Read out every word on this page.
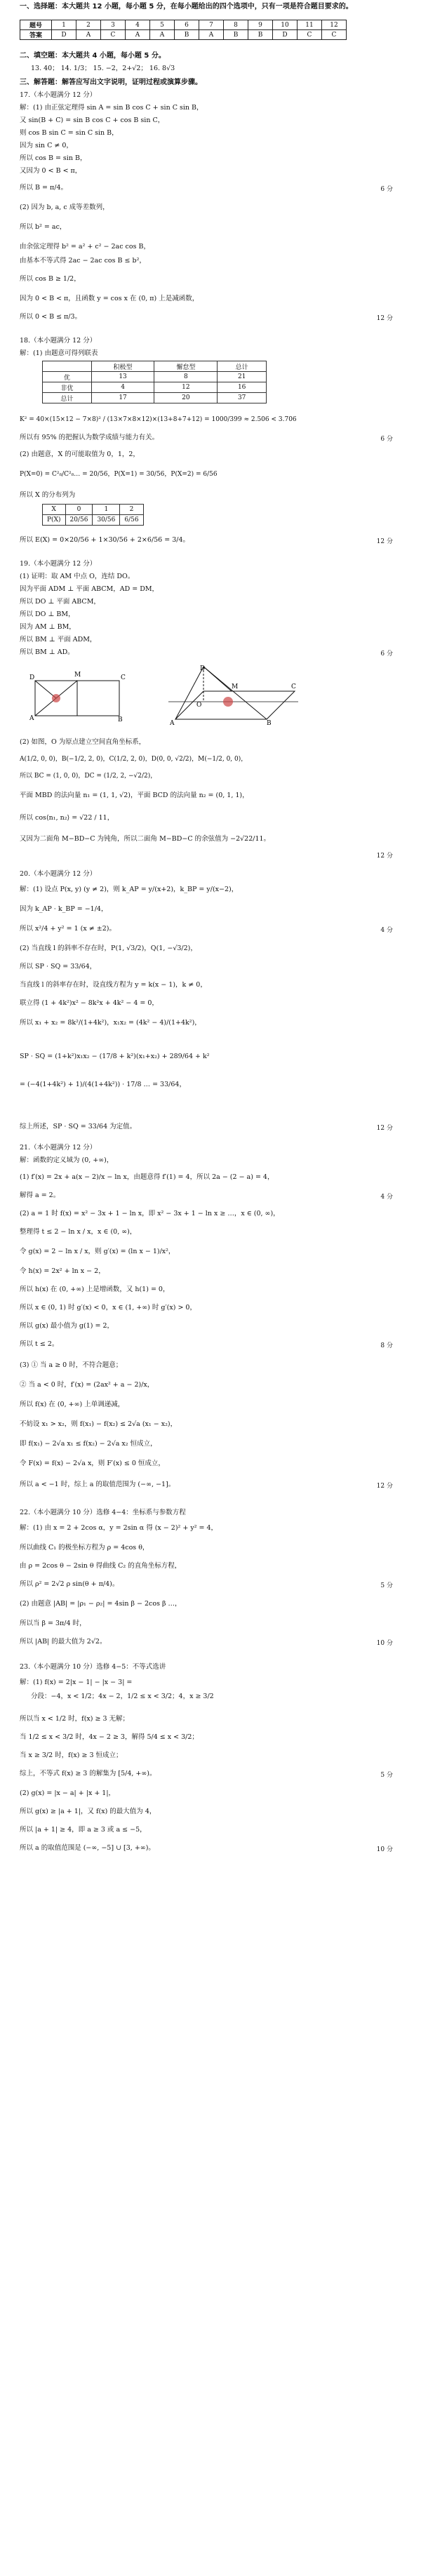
一、选择题：本大题共 12 小题，每小题 5 分，在每小题给出的四个选项中，只有一项是符合题目要求的。
题号	1	2	3	4	5	6	7	8	9	10	11	12
答案	D	A	C	A	A	B	A	B	B	D	C	C
二、填空题：本大题共 4 小题，每小题 5 分。
13. 40； 14. 1/3； 15. −2，2+√2； 16. 8√3
三、解答题：解答应写出文字说明，证明过程或演算步骤。
17.（本小题满分 12 分）
解：(1) 由正弦定理得 sin A = sin B cos C + sin C sin B，
又 sin(B + C) = sin B cos C + cos B sin C，
则 cos B sin C = sin C sin B，
因为 sin C ≠ 0，
所以 cos B = sin B，
又因为 0 < B < π，
所以 B = π/4。	6 分
(2) 因为 b, a, c 成等差数列，
所以 b² = ac，
由余弦定理得 b² = a² + c² − 2ac cos B，
由基本不等式得 2ac − 2ac cos B ≤ b²，
所以 cos B ≥ 1/2，
因为 0 < B < π，且函数 y = cos x 在 (0, π) 上是减函数，
所以 0 < B ≤ π/3。	12 分
18.（本小题满分 12 分）
解：(1) 由题意可得列联表
	积极型	懈怠型	总计
优	13	8	21
非优	4	12	16
总计	17	20	37
K² = 40×(15×12 − 7×8)² / (13×7×8×12)×(13+8+7+12) = 1000/399 ≈ 2.506 < 3.706
所以有 95% 的把握认为数学成绩与能力有关。	6 分
(2) 由题意，X 的可能取值为 0，1，2，
P(X=0) = C²₈/C²₈… = 20/56，P(X=1) = 30/56，P(X=2) = 6/56
所以 X 的分布列为
X	0	1	2
P(X)	20/56	30/56	6/56
所以 E(X) = 0×20/56 + 1×30/56 + 2×6/56 = 3/4。	12 分
19.（本小题满分 12 分）
(1) 证明：取 AM 中点 O，连结 DO。
因为平面 ADM ⊥ 平面 ABCM，AD = DM，
所以 DO ⊥ 平面 ABCM，
所以 DO ⊥ BM，
因为 AM ⊥ BM，
所以 BM ⊥ 平面 ADM，
所以 BM ⊥ AD。	6 分
A	B
C
M
D
D
A	B
C
M
O
(2) 如图，O 为原点建立空间直角坐标系，
A(1/2, 0, 0)，B(−1/2, 2, 0)，C(1/2, 2, 0)，D(0, 0, √2/2)，M(−1/2, 0, 0)，
所以 BC = (1, 0, 0)，DC = (1/2, 2, −√2/2)，
平面 MBD 的法向量 n₁ = (1, 1, √2)，平面 BCD 的法向量 n₂ = (0, 1, 1)，
所以 cos⟨n₁, n₂⟩ = √22 / 11，
又因为二面角 M−BD−C 为钝角，所以二面角 M−BD−C 的余弦值为 −2√22/11。
12 分
20.（本小题满分 12 分）
解：(1) 设点 P(x, y) (y ≠ 2)，则 k_AP = y/(x+2)，k_BP = y/(x−2)，
因为 k_AP · k_BP = −1/4，
所以 x²/4 + y² = 1 (x ≠ ±2)。	4 分
(2) 当直线 l 的斜率不存在时，P(1, √3/2)，Q(1, −√3/2)，
所以 SP · SQ = 33/64，
当直线 l 的斜率存在时，设直线方程为 y = k(x − 1)，k ≠ 0，
联立得 (1 + 4k²)x² − 8k²x + 4k² − 4 = 0，
所以 x₁ + x₂ = 8k²/(1+4k²)，x₁x₂ = (4k² − 4)/(1+4k²)，
SP · SQ = (1+k²)x₁x₂ − (17/8 + k²)(x₁+x₂) + 289/64 + k²
= (−4(1+4k²) + 1)/(4(1+4k²)) · 17/8 … = 33/64，
综上所述，SP · SQ = 33/64 为定值。	12 分
21.（本小题满分 12 分）
解：函数的定义域为 (0, +∞)，
(1) f′(x) = 2x + a(x − 2)/x − ln x，由题意得 f′(1) = 4，所以 2a − (2 − a) = 4，
解得 a = 2。	4 分
(2) a = 1 时 f(x) = x² − 3x + 1 − ln x，即 x² − 3x + 1 − ln x ≥ …，x ∈ (0, ∞)，
整理得 t ≤ 2 − ln x / x，x ∈ (0, ∞)，
令 g(x) = 2 − ln x / x，则 g′(x) = (ln x − 1)/x²，
令 h(x) = 2x² + ln x − 2，
所以 h(x) 在 (0, +∞) 上是增函数，又 h(1) = 0，
所以 x ∈ (0, 1) 时 g′(x) < 0，x ∈ (1, +∞) 时 g′(x) > 0，
所以 g(x) 最小值为 g(1) = 2，
所以 t ≤ 2。	8 分
(3) ① 当 a ≥ 0 时，不符合题意；
② 当 a < 0 时，f′(x) = (2ax² + a − 2)/x，
所以 f(x) 在 (0, +∞) 上单调递减，
不妨设 x₁ > x₂，则 f(x₁) − f(x₂) ≤ 2√a (x₁ − x₂)，
即 f(x₁) − 2√a x₁ ≤ f(x₂) − 2√a x₂ 恒成立，
令 F(x) = f(x) − 2√a x，则 F′(x) ≤ 0 恒成立，
所以 a < −1 时，综上 a 的取值范围为 (−∞, −1]。	12 分
22.（本小题满分 10 分）选修 4−4：坐标系与参数方程
解：(1) 由 x = 2 + 2cos α，y = 2sin α 得 (x − 2)² + y² = 4，
所以曲线 C₁ 的极坐标方程为 ρ = 4cos θ，
由 ρ = 2cos θ − 2sin θ 得曲线 C₂ 的直角坐标方程，
所以 ρ² = 2√2 ρ sin(θ + π/4)。	5 分
(2) 由题意 |AB| = |ρ₁ − ρ₂| = 4sin β − 2cos β …，
所以当 β = 3π/4 时，
所以 |AB| 的最大值为 2√2。	10 分
23.（本小题满分 10 分）选修 4−5：不等式选讲
解：(1) f(x) = 2|x − 1| − |x − 3| =
分段：−4，x < 1/2；4x − 2，1/2 ≤ x < 3/2；4，x ≥ 3/2
所以当 x < 1/2 时，f(x) ≥ 3 无解；
当 1/2 ≤ x < 3/2 时，4x − 2 ≥ 3，解得 5/4 ≤ x < 3/2；
当 x ≥ 3/2 时，f(x) ≥ 3 恒成立；
综上，不等式 f(x) ≥ 3 的解集为 [5/4, +∞)。	5 分
(2) g(x) = |x − a| + |x + 1|，
所以 g(x) ≥ |a + 1|，又 f(x) 的最大值为 4，
所以 |a + 1| ≥ 4，即 a ≥ 3 或 a ≤ −5，
所以 a 的取值范围是 (−∞, −5] ∪ [3, +∞)。	10 分
